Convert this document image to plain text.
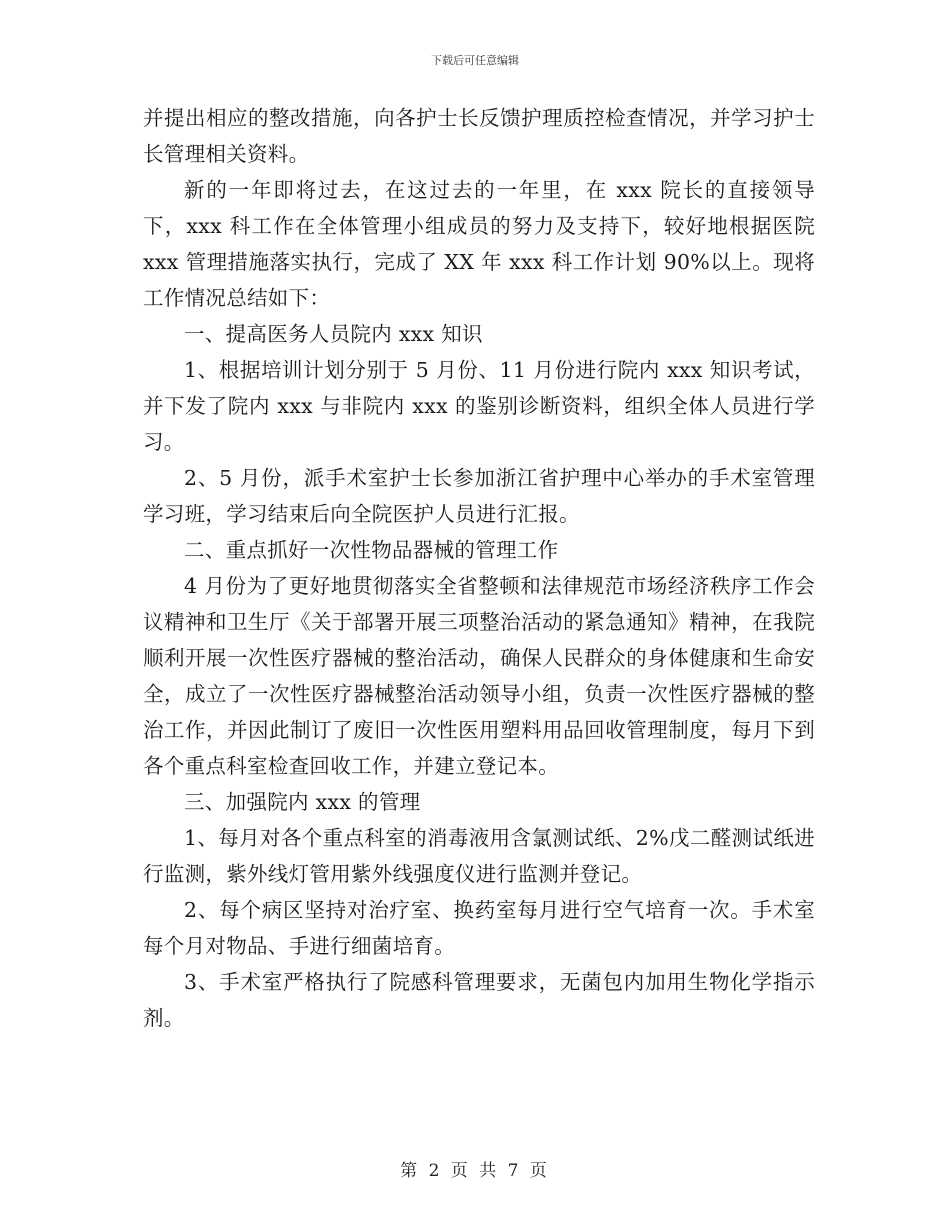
下载后可任意编辑

并提出相应的整改措施，向各护士长反馈护理质控检查情况，并学习护士长管理相关资料。

新的一年即将过去，在这过去的一年里，在 xxx 院长的直接领导下，xxx 科工作在全体管理小组成员的努力及支持下，较好地根据医院 xxx 管理措施落实执行，完成了 XX 年 xxx 科工作计划 90%以上。现将工作情况总结如下：

一、提高医务人员院内 xxx 知识

1、根据培训计划分别于 5 月份、11 月份进行院内 xxx 知识考试，并下发了院内 xxx 与非院内 xxx 的鉴别诊断资料，组织全体人员进行学习。

2、5 月份，派手术室护士长参加浙江省护理中心举办的手术室管理学习班，学习结束后向全院医护人员进行汇报。

二、重点抓好一次性物品器械的管理工作

4 月份为了更好地贯彻落实全省整顿和法律规范市场经济秩序工作会议精神和卫生厅《关于部署开展三项整治活动的紧急通知》精神，在我院顺利开展一次性医疗器械的整治活动，确保人民群众的身体健康和生命安全，成立了一次性医疗器械整治活动领导小组，负责一次性医疗器械的整治工作，并因此制订了废旧一次性医用塑料用品回收管理制度，每月下到各个重点科室检查回收工作，并建立登记本。

三、加强院内 xxx 的管理

1、每月对各个重点科室的消毒液用含氯测试纸、2%戊二醛测试纸进行监测，紫外线灯管用紫外线强度仪进行监测并登记。

2、每个病区坚持对治疗室、换药室每月进行空气培育一次。手术室每个月对物品、手进行细菌培育。

3、手术室严格执行了院感科管理要求，无菌包内加用生物化学指示剂。

第 2 页 共 7 页
